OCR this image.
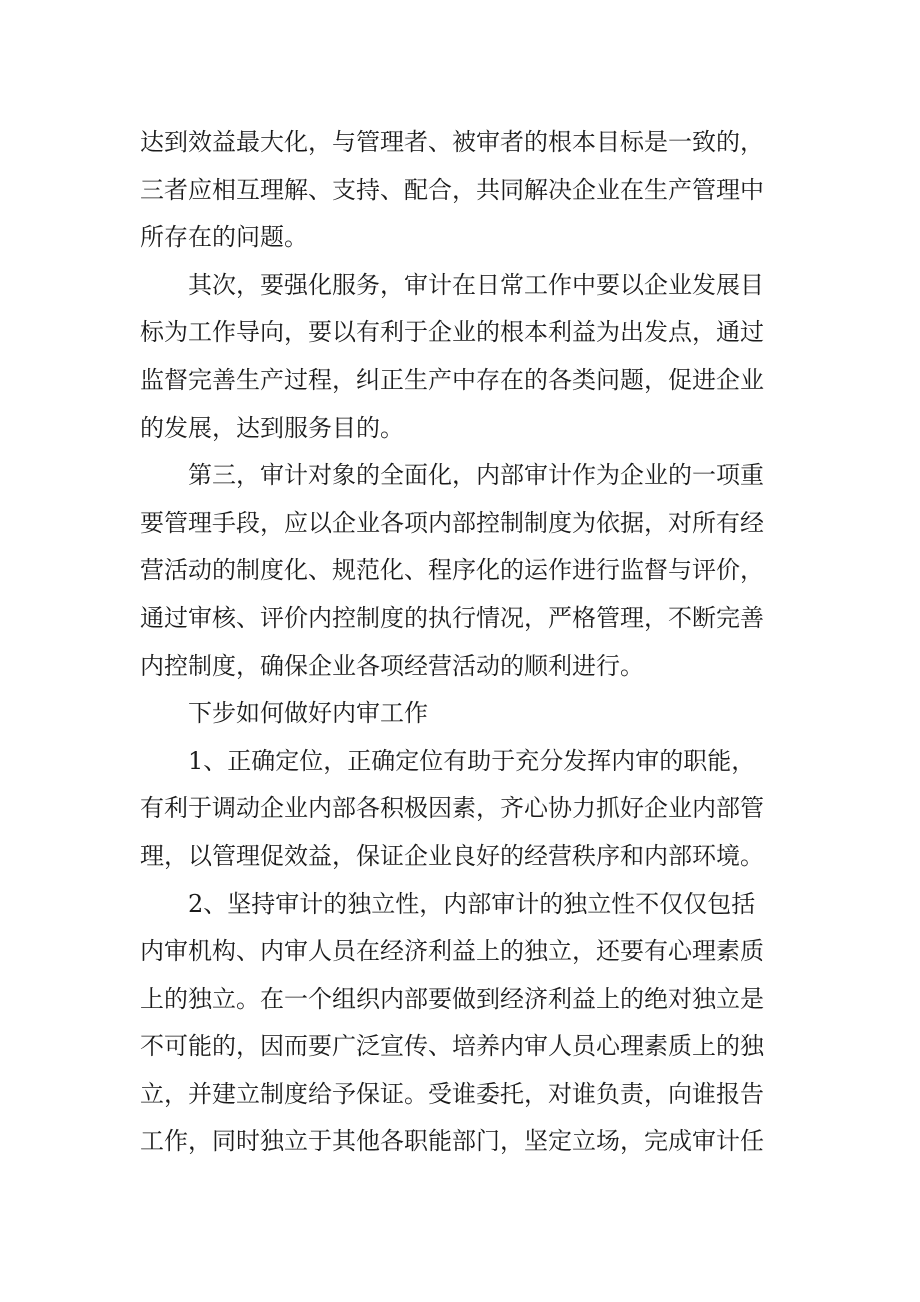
达到效益最大化，与管理者、被审者的根本目标是一致的，
三者应相互理解、支持、配合，共同解决企业在生产管理中
所存在的问题。
其次，要强化服务，审计在日常工作中要以企业发展目
标为工作导向，要以有利于企业的根本利益为出发点，通过
监督完善生产过程，纠正生产中存在的各类问题，促进企业
的发展，达到服务目的。
第三，审计对象的全面化，内部审计作为企业的一项重
要管理手段，应以企业各项内部控制制度为依据，对所有经
营活动的制度化、规范化、程序化的运作进行监督与评价，
通过审核、评价内控制度的执行情况，严格管理，不断完善
内控制度，确保企业各项经营活动的顺利进行。
下步如何做好内审工作
1、正确定位，正确定位有助于充分发挥内审的职能，
有利于调动企业内部各积极因素，齐心协力抓好企业内部管
理，以管理促效益，保证企业良好的经营秩序和内部环境。
2、坚持审计的独立性，内部审计的独立性不仅仅包括
内审机构、内审人员在经济利益上的独立，还要有心理素质
上的独立。在一个组织内部要做到经济利益上的绝对独立是
不可能的，因而要广泛宣传、培养内审人员心理素质上的独
立，并建立制度给予保证。受谁委托，对谁负责，向谁报告
工作，同时独立于其他各职能部门，坚定立场，完成审计任
